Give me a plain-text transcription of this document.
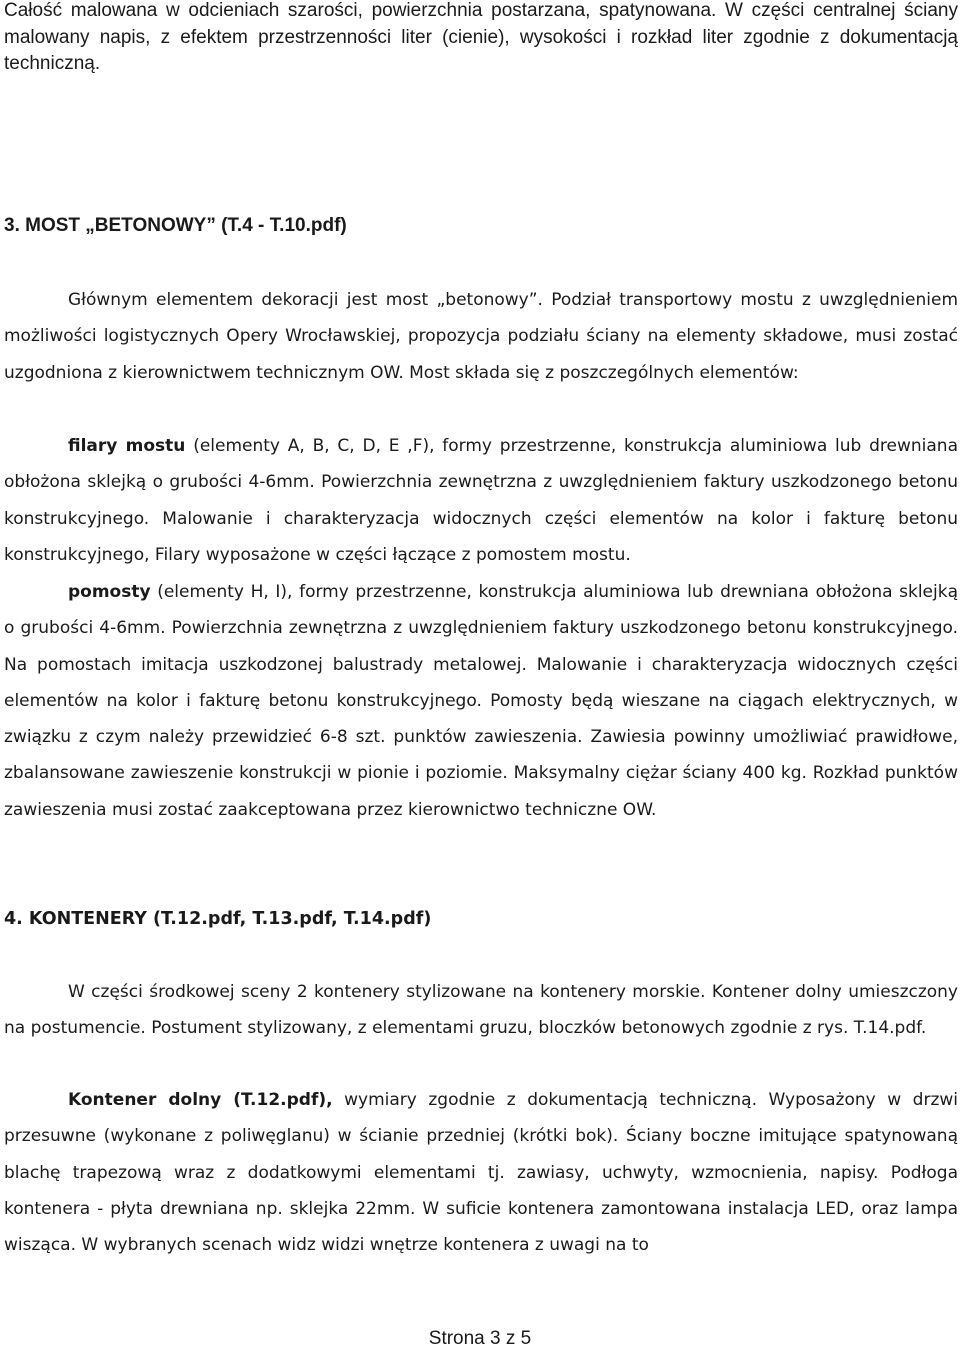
Całość malowana w odcieniach szarości, powierzchnia postarzana, spatynowana. W części centralnej ściany malowany napis, z efektem przestrzenności liter (cienie), wysokości i rozkład liter zgodnie z dokumentacją techniczną.

3. MOST „BETONOWY” (T.4 - T.10.pdf)

Głównym elementem dekoracji jest most „betonowy”. Podział transportowy mostu z uwzględnieniem możliwości logistycznych Opery Wrocławskiej, propozycja podziału ściany na elementy składowe, musi zostać uzgodniona z kierownictwem technicznym OW. Most składa się z poszczególnych elementów:

filary mostu (elementy A, B, C, D, E ,F), formy przestrzenne, konstrukcja aluminiowa lub drewniana obłożona sklejką o grubości 4-6mm. Powierzchnia zewnętrzna z uwzględnieniem faktury uszkodzonego betonu konstrukcyjnego. Malowanie i charakteryzacja widocznych części elementów na kolor i fakturę betonu konstrukcyjnego, Filary wyposażone w części łączące z pomostem mostu.

pomosty (elementy H, I), formy przestrzenne, konstrukcja aluminiowa lub drewniana obłożona sklejką o grubości 4-6mm. Powierzchnia zewnętrzna z uwzględnieniem faktury uszkodzonego betonu konstrukcyjnego. Na pomostach imitacja uszkodzonej balustrady metalowej. Malowanie i charakteryzacja widocznych części elementów na kolor i fakturę betonu konstrukcyjnego. Pomosty będą wieszane na ciągach elektrycznych, w związku z czym należy przewidzieć 6-8 szt. punktów zawieszenia. Zawiesia powinny umożliwiać prawidłowe, zbalansowane zawieszenie konstrukcji w pionie i poziomie. Maksymalny ciężar ściany 400 kg. Rozkład punktów zawieszenia musi zostać zaakceptowana przez kierownictwo techniczne OW.

4. KONTENERY (T.12.pdf, T.13.pdf, T.14.pdf)

W części środkowej sceny 2 kontenery stylizowane na kontenery morskie. Kontener dolny umieszczony na postumencie. Postument stylizowany, z elementami gruzu, bloczków betonowych zgodnie z rys. T.14.pdf.

Kontener dolny (T.12.pdf), wymiary zgodnie z dokumentacją techniczną. Wyposażony w drzwi przesuwne (wykonane z poliwęglanu) w ścianie przedniej (krótki bok). Ściany boczne imitujące spatynowaną blachę trapezową wraz z dodatkowymi elementami tj. zawiasy, uchwyty, wzmocnienia, napisy. Podłoga kontenera - płyta drewniana np. sklejka 22mm. W suficie kontenera zamontowana instalacja LED, oraz lampa wisząca. W wybranych scenach widz widzi wnętrze kontenera z uwagi na to

Strona 3 z 5
